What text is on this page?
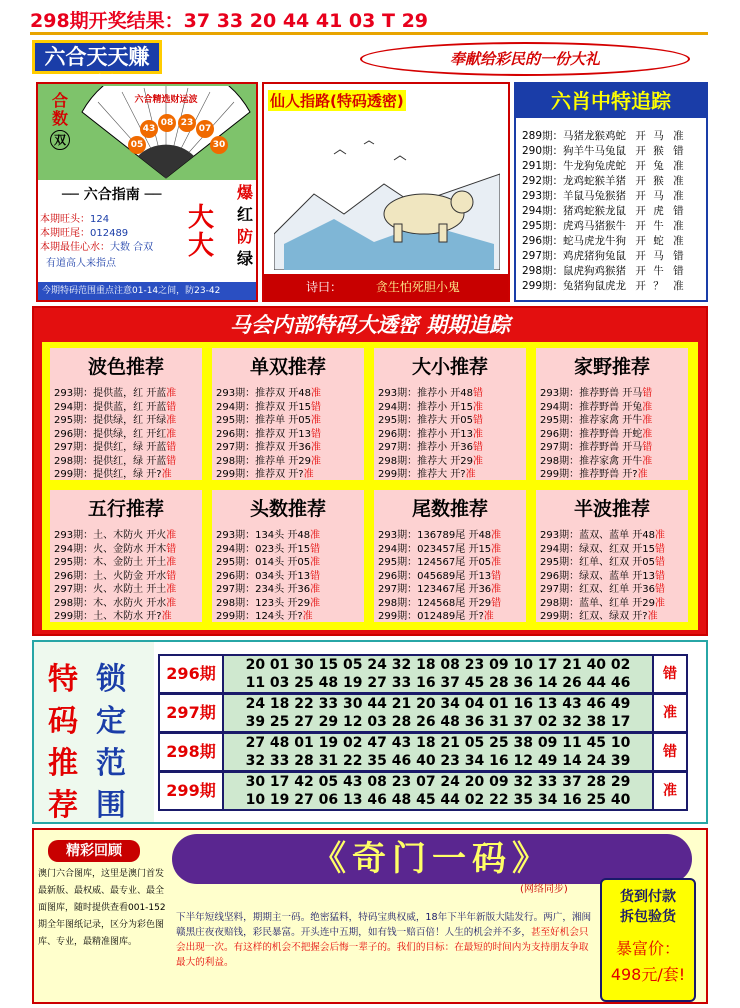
298期开奖结果：37 33 20 44 41 03 T 29
六合天天赚	奉献给彩民的一份大礼
合数
双
六合精选财运波
05
43
08 23
07
30
── 六合指南 ──
本期旺头：124
本期旺尾：012489
本期最佳心水：大数 合双
有道高人来指点
大
大
爆
红
防
绿
今期特码范围重点注意01-14之间，防23-42
仙人指路(特码透密)
诗曰：	贪生怕死胆小鬼
六肖中特追踪
289期：马猪龙猴鸡蛇 开 马 准
290期：狗羊牛马兔鼠 开 猴 错
291期：牛龙狗兔虎蛇 开 兔 准
292期：龙鸡蛇猴羊猪 开 猴 准
293期：羊鼠马兔猴猪 开 马 准
294期：猪鸡蛇猴龙鼠 开 虎 错
295期：虎鸡马猪猴牛 开 牛 准
296期：蛇马虎龙牛狗 开 蛇 准
297期：鸡虎猪狗兔鼠 开 马 错
298期：鼠虎狗鸡猴猪 开 牛 错
299期：兔猪狗鼠虎龙 开 ？ 准
马会内部特码大透密 期期追踪
波色推荐
293期：提供蓝，红 开蓝准
294期：提供蓝，红 开蓝错
295期：提供绿，红 开绿准
296期：提供绿，红 开红准
297期：提供红，绿 开蓝错
298期：提供红，绿 开蓝错
299期：提供红，绿 开?准
单双推荐
293期：推荐双 开48准
294期：推荐双 开15错
295期：推荐单 开05准
296期：推荐双 开13错
297期：推荐双 开36准
298期：推荐单 开29准
299期：推荐双 开?准
大小推荐
293期：推荐小 开48错
294期：推荐小 开15准
295期：推荐大 开05错
296期：推荐小 开13准
297期：推荐小 开36错
298期：推荐大 开29准
299期：推荐大 开?准
家野推荐
293期：推荐野兽 开马错
294期：推荐野兽 开兔准
295期：推荐家禽 开牛准
296期：推荐野兽 开蛇准
297期：推荐野兽 开马错
298期：推荐家禽 开牛准
299期：推荐野兽 开?准
五行推荐
293期：土、木防火 开火准
294期：火、金防水 开木错
295期：木、金防土 开土准
296期：土、火防金 开水错
297期：火、水防土 开土准
298期：木、水防火 开水准
299期：土、木防水 开?准
头数推荐
293期：134头 开48准
294期：023头 开15错
295期：014头 开05准
296期：034头 开13错
297期：234头 开36准
298期：123头 开29准
299期：124头 开?准
尾数推荐
293期：136789尾 开48准
294期：023457尾 开15准
295期：124567尾 开05准
296期：045689尾 开13错
297期：123467尾 开36准
298期：124568尾 开29错
299期：012489尾 开?准
半波推荐
293期：蓝双、蓝单 开48准
294期：绿双、红双 开15错
295期：红单、红双 开05错
296期：绿双、蓝单 开13错
297期：红双、红单 开36错
298期：蓝单、红单 开29准
299期：红双、绿双 开?准
特 锁
码 定
推 范
荐 围
296期	20 01 30 15 05 24 32 18 08 23 09 10 17 21 40 02
11 03 25 48 19 27 33 16 37 45 28 36 14 26 44 46
错
297期	24 18 22 33 30 44 21 20 34 04 01 16 13 43 46 49
39 25 27 29 12 03 28 26 48 36 31 37 02 32 38 17
准
298期	27 48 01 19 02 47 43 18 21 05 25 38 09 11 45 10
32 33 28 31 22 35 46 40 23 34 16 12 49 14 24 39
错
299期	30 17 42 05 43 08 23 07 24 20 09 32 33 37 28 29
10 19 27 06 13 46 48 45 44 02 22 35 34 16 25 40
准
精彩回顾
澳门六合图库，这里是澳门首发最新版、最权威、最专业、最全面图库，随时提供查看001-152期全年图纸记录，区分为彩色图库、专业，最精准图库。
《奇门一码》
(网络同步)	货到付款
拆包验货
暴富价：
498元/套!
下半年短线坚料，期期主一码。绝密猛料，特码宝典权威，18年下半年新版大陆发行。两广，湘闽赣黑庄夜夜赔钱，彩民暴富。开头连中五期，如有钱一赔百倍！人生的机会并不多，甚至好机会只会出现一次。有这样的机会不把握会后悔一辈子的。我们的目标：在最短的时间内为支持朋友争取最大的利益。
